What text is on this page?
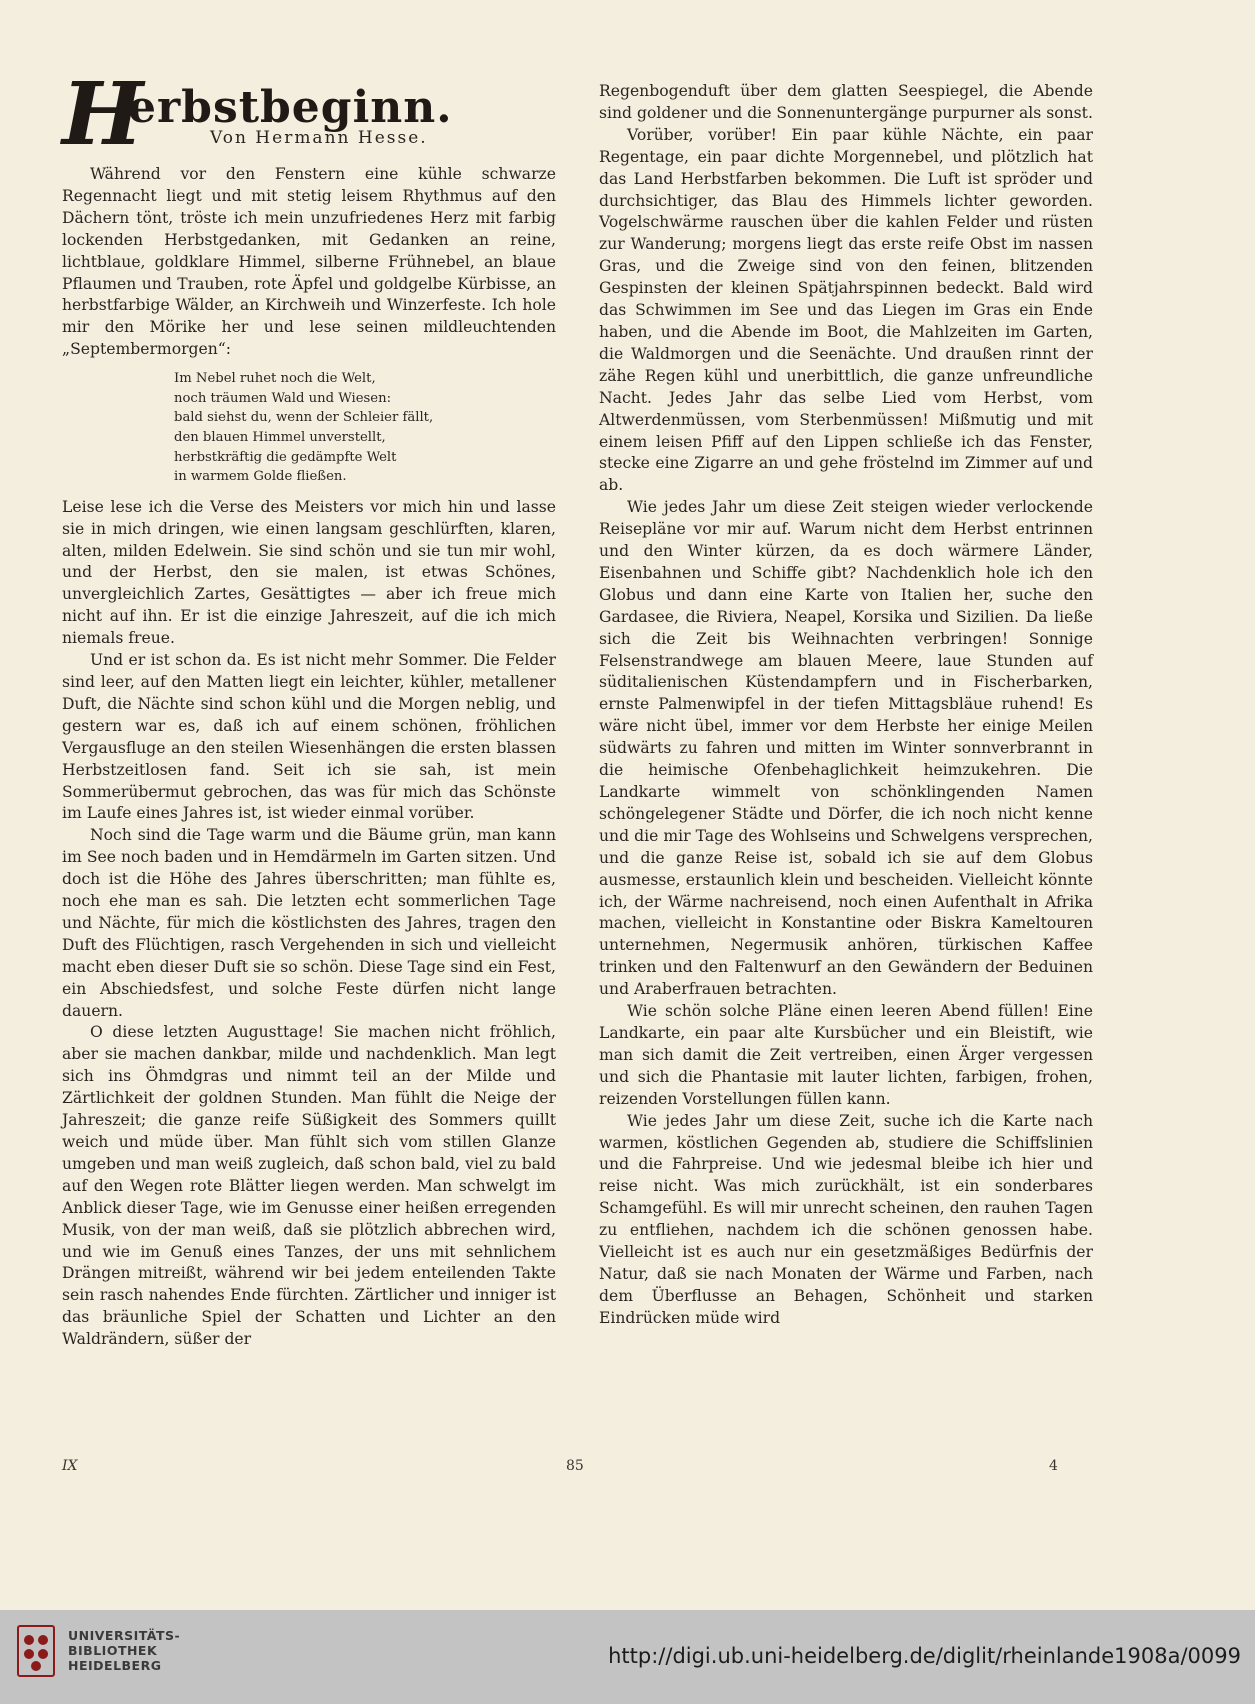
H
erbstbeginn.
Von Hermann Hesse.

Während vor den Fenstern eine kühle schwarze Regennacht liegt und mit stetig leisem Rhythmus auf den Dächern tönt, tröste ich mein unzufriedenes Herz mit farbig lockenden Herbstgedanken, mit Gedanken an reine, lichtblaue, goldklare Himmel, silberne Frühnebel, an blaue Pflaumen und Trauben, rote Äpfel und goldgelbe Kürbisse, an herbstfarbige Wälder, an Kirchweih und Winzerfeste. Ich hole mir den Mörike her und lese seinen mildleuchtenden „Septembermorgen“:

Im Nebel ruhet noch die Welt,
noch träumen Wald und Wiesen:
bald siehst du, wenn der Schleier fällt,
den blauen Himmel unverstellt,
herbstkräftig die gedämpfte Welt
in warmem Golde fließen.

Leise lese ich die Verse des Meisters vor mich hin und lasse sie in mich dringen, wie einen langsam geschlürften, klaren, alten, milden Edelwein. Sie sind schön und sie tun mir wohl, und der Herbst, den sie malen, ist etwas Schönes, unvergleichlich Zartes, Gesättigtes — aber ich freue mich nicht auf ihn. Er ist die einzige Jahreszeit, auf die ich mich niemals freue.

Und er ist schon da. Es ist nicht mehr Sommer. Die Felder sind leer, auf den Matten liegt ein leichter, kühler, metallener Duft, die Nächte sind schon kühl und die Morgen neblig, und gestern war es, daß ich auf einem schönen, fröhlichen Vergausfluge an den steilen Wiesenhängen die ersten blassen Herbstzeitlosen fand. Seit ich sie sah, ist mein Sommerübermut gebrochen, das was für mich das Schönste im Laufe eines Jahres ist, ist wieder einmal vorüber.

Noch sind die Tage warm und die Bäume grün, man kann im See noch baden und in Hemdärmeln im Garten sitzen. Und doch ist die Höhe des Jahres überschritten; man fühlte es, noch ehe man es sah. Die letzten echt sommerlichen Tage und Nächte, für mich die köstlichsten des Jahres, tragen den Duft des Flüchtigen, rasch Vergehenden in sich und vielleicht macht eben dieser Duft sie so schön. Diese Tage sind ein Fest, ein Abschiedsfest, und solche Feste dürfen nicht lange dauern.

O diese letzten Augusttage! Sie machen nicht fröhlich, aber sie machen dankbar, milde und nachdenklich. Man legt sich ins Öhmdgras und nimmt teil an der Milde und Zärtlichkeit der goldnen Stunden. Man fühlt die Neige der Jahreszeit; die ganze reife Süßigkeit des Sommers quillt weich und müde über. Man fühlt sich vom stillen Glanze umgeben und man weiß zugleich, daß schon bald, viel zu bald auf den Wegen rote Blätter liegen werden. Man schwelgt im Anblick dieser Tage, wie im Genusse einer heißen erregenden Musik, von der man weiß, daß sie plötzlich abbrechen wird, und wie im Genuß eines Tanzes, der uns mit sehnlichem Drängen mitreißt, während wir bei jedem enteilenden Takte sein rasch nahendes Ende fürchten. Zärtlicher und inniger ist das bräunliche Spiel der Schatten und Lichter an den Waldrändern, süßer der

Regenbogenduft über dem glatten Seespiegel, die Abende sind goldener und die Sonnenuntergänge purpurner als sonst.

Vorüber, vorüber! Ein paar kühle Nächte, ein paar Regentage, ein paar dichte Morgennebel, und plötzlich hat das Land Herbstfarben bekommen. Die Luft ist spröder und durchsichtiger, das Blau des Himmels lichter geworden. Vogelschwärme rauschen über die kahlen Felder und rüsten zur Wanderung; morgens liegt das erste reife Obst im nassen Gras, und die Zweige sind von den feinen, blitzenden Gespinsten der kleinen Spätjahrspinnen bedeckt. Bald wird das Schwimmen im See und das Liegen im Gras ein Ende haben, und die Abende im Boot, die Mahlzeiten im Garten, die Waldmorgen und die Seenächte. Und draußen rinnt der zähe Regen kühl und unerbittlich, die ganze unfreundliche Nacht. Jedes Jahr das selbe Lied vom Herbst, vom Altwerdenmüssen, vom Sterbenmüssen! Mißmutig und mit einem leisen Pfiff auf den Lippen schließe ich das Fenster, stecke eine Zigarre an und gehe fröstelnd im Zimmer auf und ab.

Wie jedes Jahr um diese Zeit steigen wieder verlockende Reisepläne vor mir auf. Warum nicht dem Herbst entrinnen und den Winter kürzen, da es doch wärmere Länder, Eisenbahnen und Schiffe gibt? Nachdenklich hole ich den Globus und dann eine Karte von Italien her, suche den Gardasee, die Riviera, Neapel, Korsika und Sizilien. Da ließe sich die Zeit bis Weihnachten verbringen! Sonnige Felsenstrandwege am blauen Meere, laue Stunden auf süditalienischen Küstendampfern und in Fischerbarken, ernste Palmenwipfel in der tiefen Mittagsbläue ruhend! Es wäre nicht übel, immer vor dem Herbste her einige Meilen südwärts zu fahren und mitten im Winter sonnverbrannt in die heimische Ofenbehaglichkeit heimzukehren. Die Landkarte wimmelt von schönklingenden Namen schöngelegener Städte und Dörfer, die ich noch nicht kenne und die mir Tage des Wohlseins und Schwelgens versprechen, und die ganze Reise ist, sobald ich sie auf dem Globus ausmesse, erstaunlich klein und bescheiden. Vielleicht könnte ich, der Wärme nachreisend, noch einen Aufenthalt in Afrika machen, vielleicht in Konstantine oder Biskra Kameltouren unternehmen, Negermusik anhören, türkischen Kaffee trinken und den Faltenwurf an den Gewändern der Beduinen und Araberfrauen betrachten.

Wie schön solche Pläne einen leeren Abend füllen! Eine Landkarte, ein paar alte Kursbücher und ein Bleistift, wie man sich damit die Zeit vertreiben, einen Ärger vergessen und sich die Phantasie mit lauter lichten, farbigen, frohen, reizenden Vorstellungen füllen kann.

Wie jedes Jahr um diese Zeit, suche ich die Karte nach warmen, köstlichen Gegenden ab, studiere die Schiffslinien und die Fahrpreise. Und wie jedesmal bleibe ich hier und reise nicht. Was mich zurückhält, ist ein sonderbares Schamgefühl. Es will mir unrecht scheinen, den rauhen Tagen zu entfliehen, nachdem ich die schönen genossen habe. Vielleicht ist es auch nur ein gesetzmäßiges Bedürfnis der Natur, daß sie nach Monaten der Wärme und Farben, nach dem Überflusse an Behagen, Schönheit und starken Eindrücken müde wird

IX	85	4
UNIVERSITÄTS-
BIBLIOTHEK
HEIDELBERG	http://digi.ub.uni-heidelberg.de/diglit/rheinlande1908a/0099
